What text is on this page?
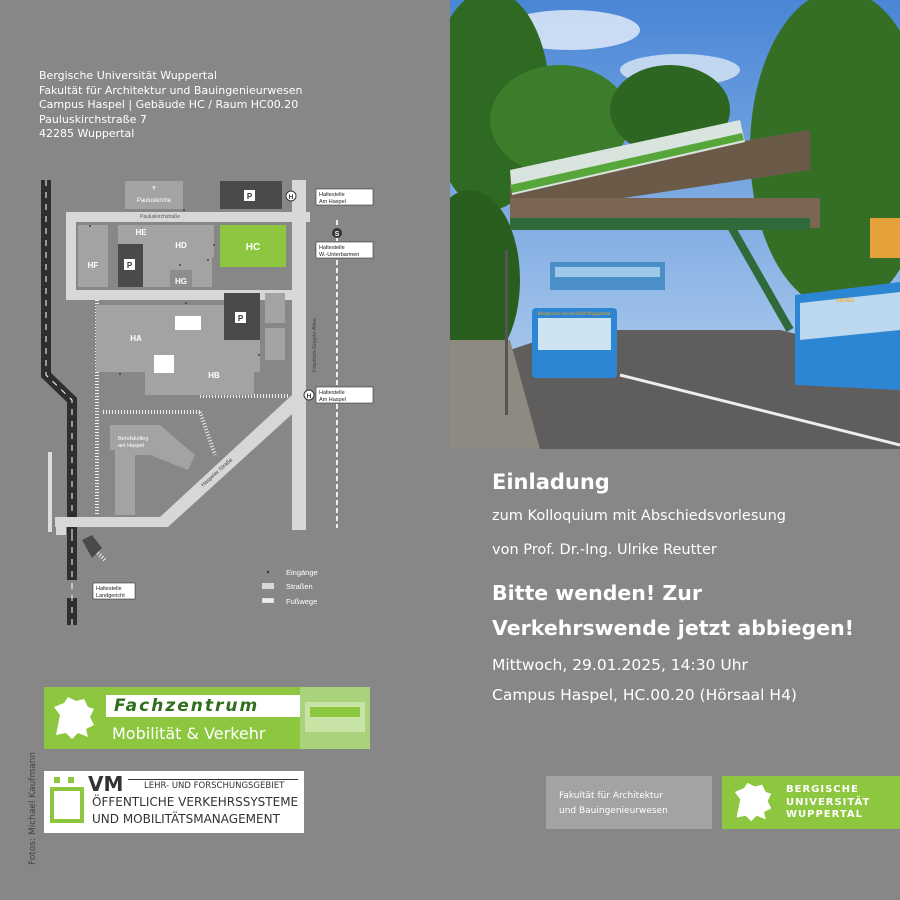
Bergische Universität Wuppertal
Fakultät für Architektur und Bauingenieurwesen
Campus Haspel | Gebäude HC / Raum HC00.20
Pauluskirchstraße 7
42285 Wuppertal
✝
Pauluskirche
HE
HD	HC
HF
HG
HA
HB
Berufskolleg
am Haspel
P
P
P
Pauluskirchstraße
Friedrich-Engels-Allee
Haspeler Straße
H
S
H
Haltestelle
Am Haspel
Haltestelle
W.-Unterbarmen
Haltestelle
Am Haspel
Haltestelle
Landgericht
Eingänge
Straßen
Fußwege
Bergische Universität Wuppertal
VIKING
Einladung
zum Kolloquium mit Abschiedsvorlesung
von Prof. Dr.-Ing. Ulrike Reutter
Bitte wenden! Zur
Verkehrswende jetzt abbiegen!
Mittwoch, 29.01.2025, 14:30 Uhr
Campus Haspel, HC.00.20 (Hörsaal H4)
Fachzentrum
Mobilität & Verkehr
VM LEHR- UND FORSCHUNGSGEBIET
ÖFFENTLICHE VERKEHRSSYSTEME
UND MOBILITÄTSMANAGEMENT
Fotos: Michael Kaufmann	Fakultät für Architektur
und Bauingenieurwesen
BERGISCHE
UNIVERSITÄT
WUPPERTAL
